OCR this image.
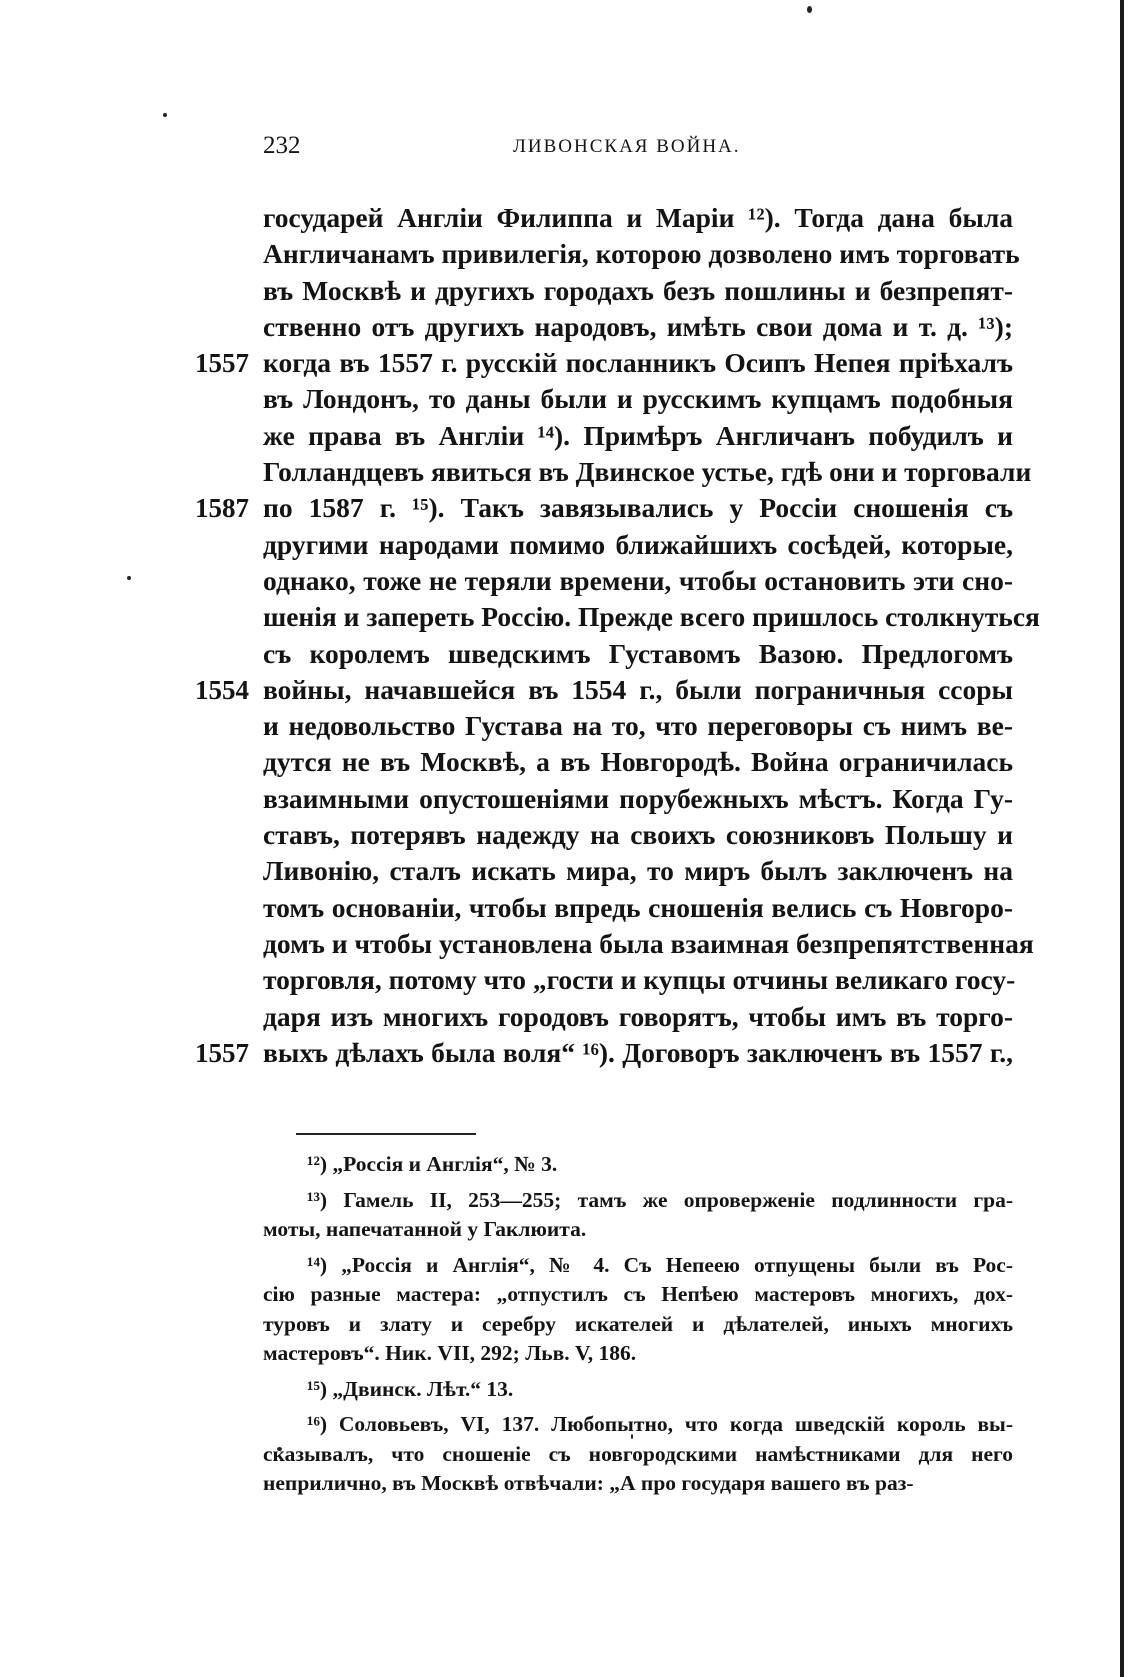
232	ЛИВОНСКАЯ ВОЙНА.
государей Англіи Филиппа и Маріи ¹²). Тогда дана была
Англичанамъ привилегія, которою дозволено имъ торговать
въ Москвѣ и другихъ городахъ безъ пошлины и безпрепят-
ственно отъ другихъ народовъ, имѣть свои дома и т. д. ¹³);
когда въ 1557 г. русскій посланникъ Осипъ Непея пріѣхалъ
1557
въ Лондонъ, то даны были и русскимъ купцамъ подобныя
же права въ Англіи ¹⁴). Примѣръ Англичанъ побудилъ и
Голландцевъ явиться въ Двинское устье, гдѣ они и торговали
по 1587 г. ¹⁵). Такъ завязывались у Россіи сношенія съ
1587
другими народами помимо ближайшихъ сосѣдей, которые,
однако, тоже не теряли времени, чтобы остановить эти сно-
шенія и запереть Россію. Прежде всего пришлось столкнуться
съ королемъ шведскимъ Густавомъ Вазою. Предлогомъ
войны, начавшейся въ 1554 г., были пограничныя ссоры
1554
и недовольство Густава на то, что переговоры съ нимъ ве-
дутся не въ Москвѣ, а въ Новгородѣ. Война ограничилась
взаимными опустошеніями порубежныхъ мѣстъ. Когда Гу-
ставъ, потерявъ надежду на своихъ союзниковъ Польшу и
Ливонію, сталъ искать мира, то миръ былъ заключенъ на
томъ основаніи, чтобы впредь сношенія велись съ Новгоро-
домъ и чтобы установлена была взаимная безпрепятственная
торговля, потому что „гости и купцы отчины великаго госу-
даря изъ многихъ городовъ говорятъ, чтобы имъ въ торго-
выхъ дѣлахъ была воля“ ¹⁶). Договоръ заключенъ въ 1557 г.,
1557
¹²) „Россія и Англія“, № 3.
¹³) Гамель II, 253—255; тамъ же опроверженіе подлинности гра-
моты, напечатанной у Гаклюита.
¹⁴) „Россія и Англія“, № 4. Съ Непеею отпущены были въ Рос-
сію разные мастера: „отпустилъ съ Непѣею мастеровъ многихъ, дох-
туровъ и злату и серебру искателей и дѣлателей, иныхъ многихъ
мастеровъ“. Ник. VII, 292; Льв. V, 186.
¹⁵) „Двинск. Лѣт.“ 13.
¹⁶) Соловьевъ, VI, 137. Любопытно, что когда шведскій король вы-
сказывалъ, что сношеніе съ новгородскими намѣстниками для него
неприлично, въ Москвѣ отвѣчали: „А про государя вашего въ раз-
